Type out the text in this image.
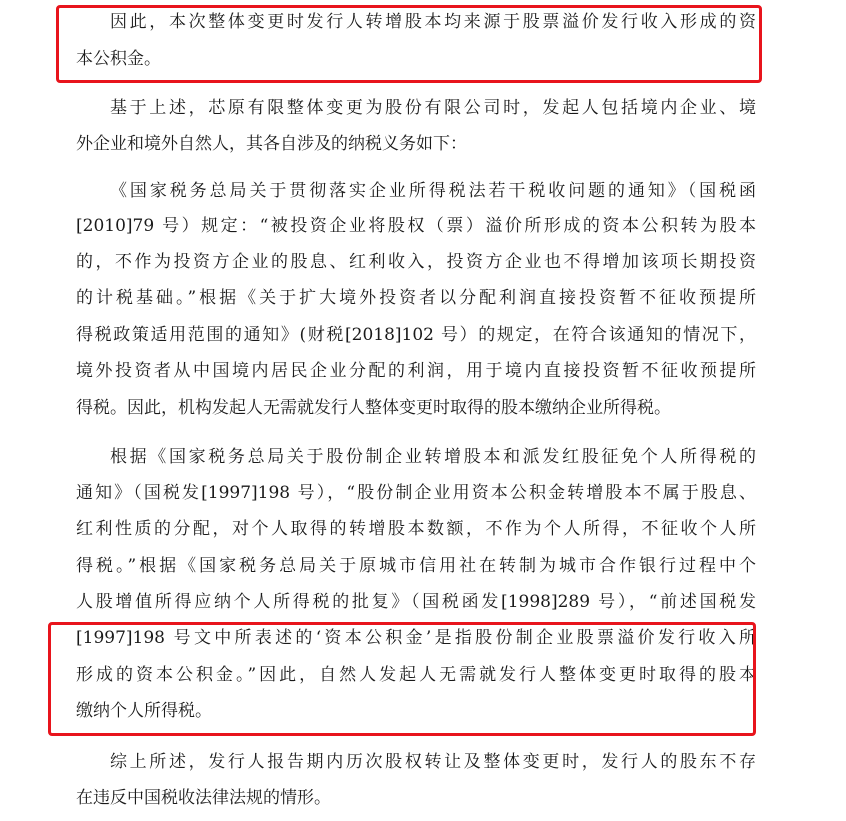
因此，本次整体变更时发行人转增股本均来源于股票溢价发行收入形成的资
本公积金。
基于上述，芯原有限整体变更为股份有限公司时，发起人包括境内企业、境
外企业和境外自然人，其各自涉及的纳税义务如下：
《国家税务总局关于贯彻落实企业所得税法若干税收问题的通知》（国税函
[2010]79 号）规定：“被投资企业将股权（票）溢价所形成的资本公积转为股本
的，不作为投资方企业的股息、红利收入，投资方企业也不得增加该项长期投资
的计税基础。”根据《关于扩大境外投资者以分配利润直接投资暂不征收预提所
得税政策适用范围的通知》(财税[2018]102 号）的规定，在符合该通知的情况下，
境外投资者从中国境内居民企业分配的利润，用于境内直接投资暂不征收预提所
得税。因此，机构发起人无需就发行人整体变更时取得的股本缴纳企业所得税。
根据《国家税务总局关于股份制企业转增股本和派发红股征免个人所得税的
通知》（国税发[1997]198 号），“股份制企业用资本公积金转增股本不属于股息、
红利性质的分配，对个人取得的转增股本数额，不作为个人所得，不征收个人所
得税。”根据《国家税务总局关于原城市信用社在转制为城市合作银行过程中个
人股增值所得应纳个人所得税的批复》（国税函发[1998]289 号），“前述国税发
[1997]198 号文中所表述的‘资本公积金’是指股份制企业股票溢价发行收入所
形成的资本公积金。”因此，自然人发起人无需就发行人整体变更时取得的股本
缴纳个人所得税。
综上所述，发行人报告期内历次股权转让及整体变更时，发行人的股东不存
在违反中国税收法律法规的情形。
